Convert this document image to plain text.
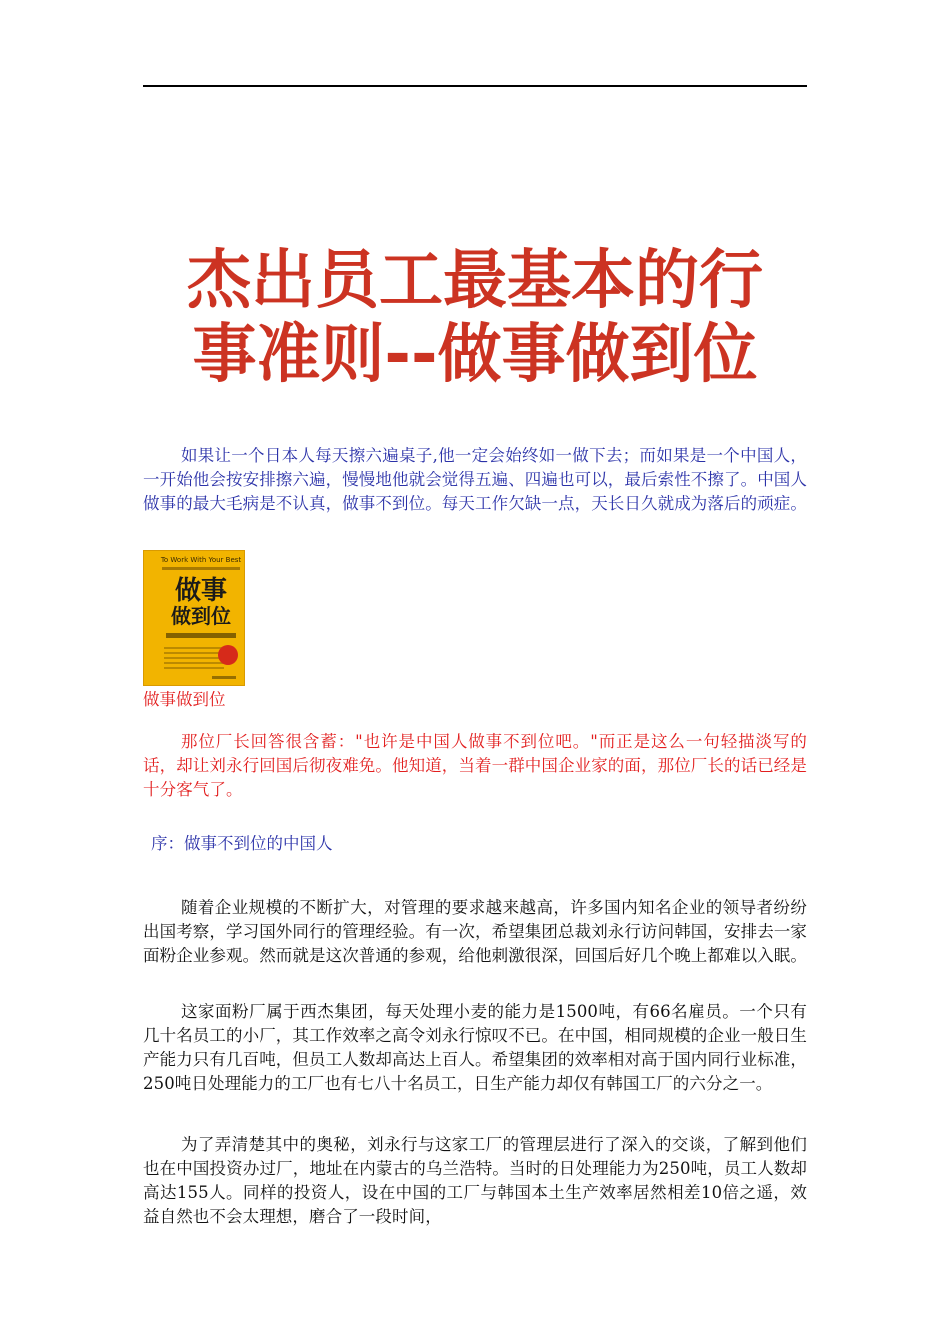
杰出员工最基本的行
事准则--做事做到位

如果让一个日本人每天擦六遍桌子,他一定会始终如一做下去；而如果是一个中国人，一开始他会按安排擦六遍，慢慢地他就会觉得五遍、四遍也可以，最后索性不擦了。中国人做事的最大毛病是不认真，做事不到位。每天工作欠缺一点，天长日久就成为落后的顽症。

To Work With Your Best
做事
做到位

做事做到位

那位厂长回答很含蓄："也许是中国人做事不到位吧。"而正是这么一句轻描淡写的话，却让刘永行回国后彻夜难免。他知道，当着一群中国企业家的面，那位厂长的话已经是十分客气了。

序：做事不到位的中国人

随着企业规模的不断扩大，对管理的要求越来越高，许多国内知名企业的领导者纷纷出国考察，学习国外同行的管理经验。有一次，希望集团总裁刘永行访问韩国，安排去一家面粉企业参观。然而就是这次普通的参观，给他刺激很深，回国后好几个晚上都难以入眠。

这家面粉厂属于西杰集团，每天处理小麦的能力是1500吨，有66名雇员。一个只有几十名员工的小厂，其工作效率之高令刘永行惊叹不已。在中国，相同规模的企业一般日生产能力只有几百吨，但员工人数却高达上百人。希望集团的效率相对高于国内同行业标准，250吨日处理能力的工厂也有七八十名员工，日生产能力却仅有韩国工厂的六分之一。

为了弄清楚其中的奥秘，刘永行与这家工厂的管理层进行了深入的交谈，了解到他们也在中国投资办过厂，地址在内蒙古的乌兰浩特。当时的日处理能力为250吨，员工人数却高达155人。同样的投资人，设在中国的工厂与韩国本土生产效率居然相差10倍之遥，效益自然也不会太理想，磨合了一段时间，
